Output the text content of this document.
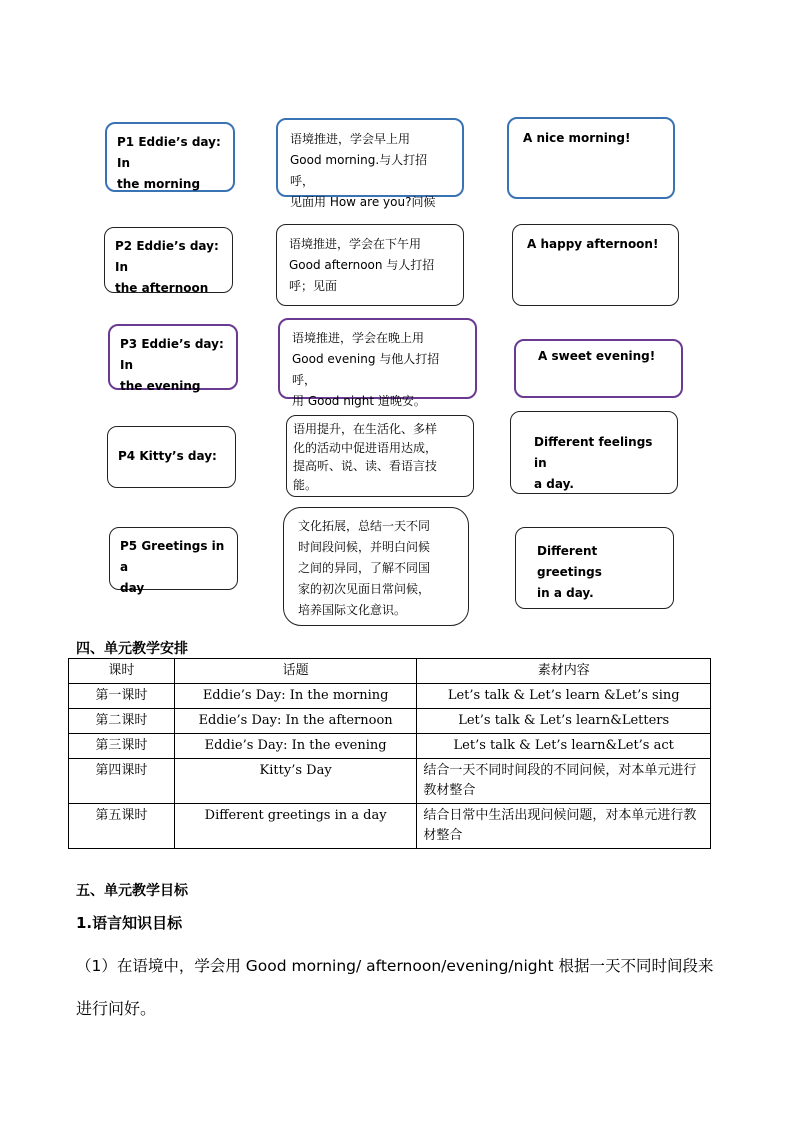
P1 Eddie’s day: In
the morning
P2 Eddie’s day: In
the afternoon
P3 Eddie’s day: In
the evening
P4 Kitty’s day:
P5 Greetings in a
day
语境推进，学会早上用
Good morning.与人打招呼，
见面用 How are you?问候
语境推进，学会在下午用
Good afternoon 与人打招
呼；见面
语境推进，学会在晚上用
Good evening 与他人打招呼，
用 Good night 道晚安。
语用提升，在生活化、多样
化的活动中促进语用达成，
提高听、说、读、看语言技
能。
文化拓展，总结一天不同
时间段问候，并明白问候
之间的异同，了解不同国
家的初次见面日常问候，
培养国际文化意识。
A nice morning!
A happy afternoon!
A sweet evening!
Different feelings in
a day.
Different greetings
in a day.
四、单元教学安排
课时	话题	素材内容
第一课时	Eddie’s Day: In the morning	Let’s talk & Let’s learn &Let’s sing
第二课时	Eddie’s Day: In the afternoon	Let’s talk & Let’s learn&Letters
第三课时	Eddie’s Day: In the evening	Let’s talk & Let’s learn&Let’s act
第四课时	Kitty’s Day	结合一天不同时间段的不同问候，对本单元进行教材整合
第五课时	Different greetings in a day	结合日常中生活出现问候问题，对本单元进行教材整合
五、单元教学目标
1.语言知识目标
（1）在语境中，学会用 Good morning/ afternoon/evening/night 根据一天不同时间段来
进行问好。
